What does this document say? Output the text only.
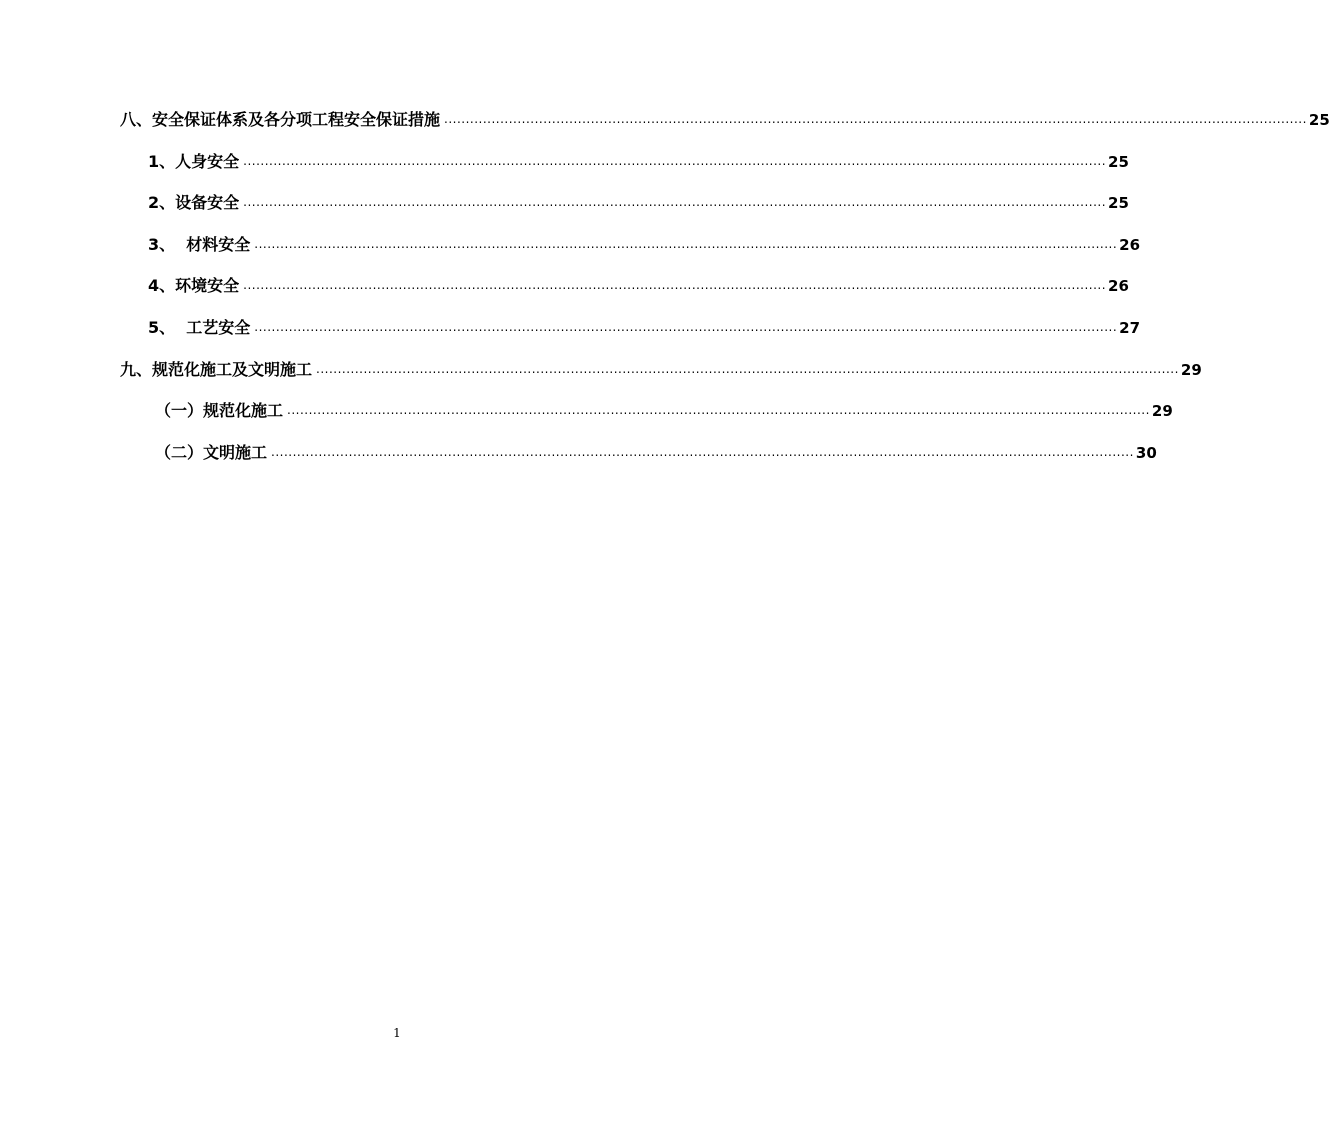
八、安全保证体系及各分项工程安全保证措施 ........................................................................................................................................................................................................ 25
1、人身安全 ........................................................................................................................................................................................................ 25
2、设备安全 ........................................................................................................................................................................................................ 25
3、  材料安全 ........................................................................................................................................................................................................ 26
4、环境安全 ........................................................................................................................................................................................................ 26
5、  工艺安全 ........................................................................................................................................................................................................ 27
九、规范化施工及文明施工 ........................................................................................................................................................................................................ 29
（一）规范化施工 ........................................................................................................................................................................................................ 29
（二）文明施工 ........................................................................................................................................................................................................ 30
1
